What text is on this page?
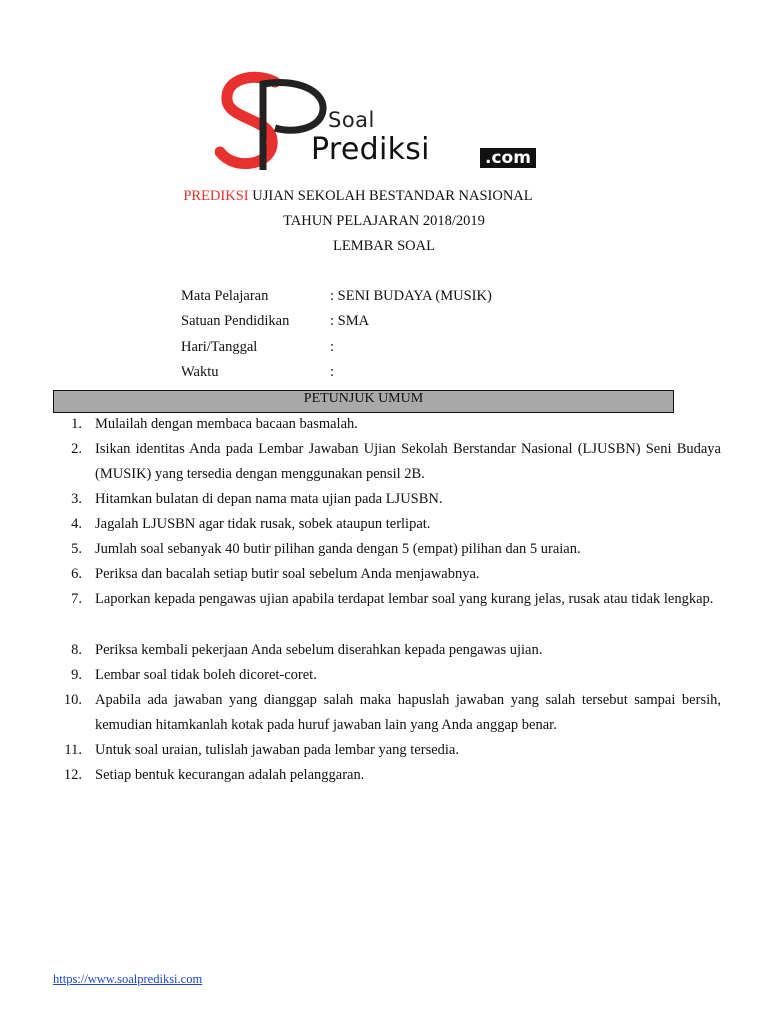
Soal
Prediksi	.com
PREDIKSI UJIAN SEKOLAH BESTANDAR NASIONAL
TAHUN PELAJARAN 2018/2019
LEMBAR SOAL
Mata Pelajaran	: SENI BUDAYA (MUSIK)
Satuan Pendidikan	: SMA
Hari/Tanggal	:
Waktu	:
PETUNJUK UMUM
1. Mulailah dengan membaca bacaan basmalah.
2. Isikan identitas Anda pada Lembar Jawaban Ujian Sekolah Berstandar Nasional (LJUSBN) Seni Budaya (MUSIK) yang tersedia dengan menggunakan pensil 2B.
3. Hitamkan bulatan di depan nama mata ujian pada LJUSBN.
4. Jagalah LJUSBN agar tidak rusak, sobek ataupun terlipat.
5. Jumlah soal sebanyak 40 butir pilihan ganda dengan 5 (empat) pilihan dan 5 uraian.
6. Periksa dan bacalah setiap butir soal sebelum Anda menjawabnya.
7. Laporkan kepada pengawas ujian apabila terdapat lembar soal yang kurang jelas, rusak atau tidak lengkap.
8. Periksa kembali pekerjaan Anda sebelum diserahkan kepada pengawas ujian.
9. Lembar soal tidak boleh dicoret-coret.
10. Apabila ada jawaban yang dianggap salah maka hapuslah jawaban yang salah tersebut sampai bersih, kemudian hitamkanlah kotak pada huruf jawaban lain yang Anda anggap benar.
11. Untuk soal uraian, tulislah jawaban pada lembar yang tersedia.
12. Setiap bentuk kecurangan adalah pelanggaran.
https://www.soalprediksi.com
